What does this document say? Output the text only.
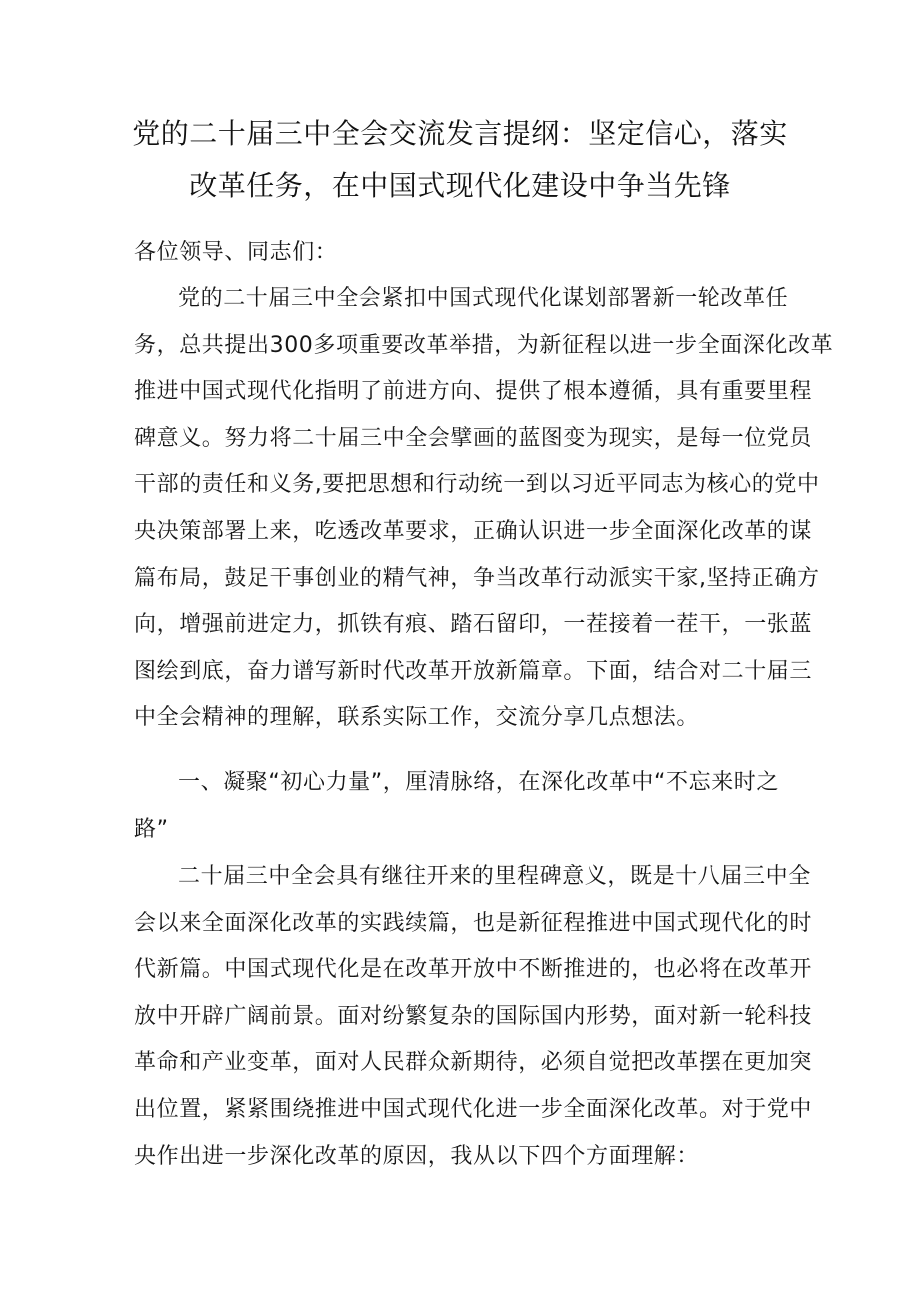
党的二十届三中全会交流发言提纲：坚定信心，落实
改革任务，在中国式现代化建设中争当先锋
各位领导、同志们：
党的二十届三中全会紧扣中国式现代化谋划部署新一轮改革任
务，总共提出300多项重要改革举措，为新征程以进一步全面深化改革
推进中国式现代化指明了前进方向、提供了根本遵循，具有重要里程
碑意义。努力将二十届三中全会擘画的蓝图变为现实，是每一位党员
干部的责任和义务,要把思想和行动统一到以习近平同志为核心的党中
央决策部署上来，吃透改革要求，正确认识进一步全面深化改革的谋
篇布局，鼓足干事创业的精气神，争当改革行动派实干家,坚持正确方
向，增强前进定力，抓铁有痕、踏石留印，一茬接着一茬干，一张蓝
图绘到底，奋力谱写新时代改革开放新篇章。下面，结合对二十届三
中全会精神的理解，联系实际工作，交流分享几点想法。
一、凝聚“初心力量”，厘清脉络，在深化改革中“不忘来时之
路”
二十届三中全会具有继往开来的里程碑意义，既是十八届三中全
会以来全面深化改革的实践续篇，也是新征程推进中国式现代化的时
代新篇。中国式现代化是在改革开放中不断推进的，也必将在改革开
放中开辟广阔前景。面对纷繁复杂的国际国内形势，面对新一轮科技
革命和产业变革，面对人民群众新期待，必须自觉把改革摆在更加突
出位置，紧紧围绕推进中国式现代化进一步全面深化改革。对于党中
央作出进一步深化改革的原因，我从以下四个方面理解：
